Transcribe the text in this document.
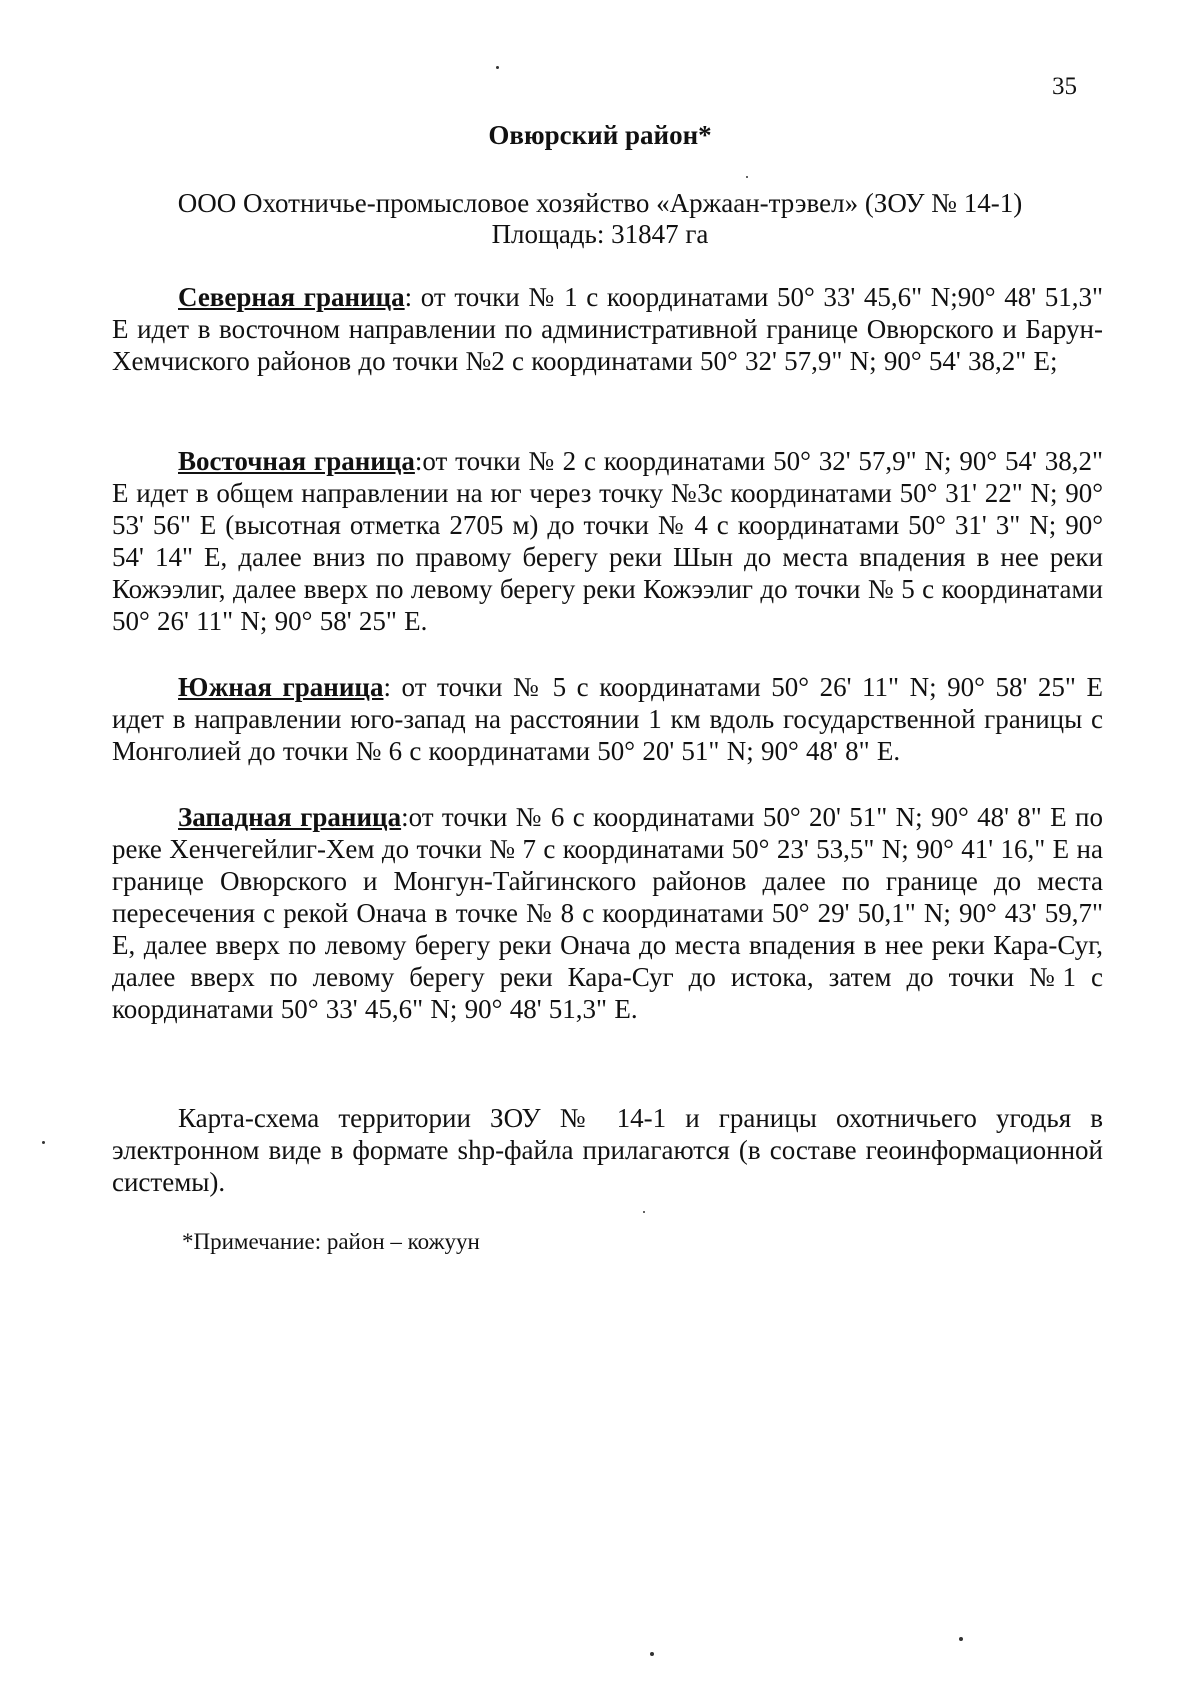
35
Овюрский район*
ООО Охотничье-промысловое хозяйство «Аржаан-трэвел» (ЗОУ № 14-1)
Площадь: 31847 га

Северная граница: от точки № 1 с координатами 50° 33' 45,6" N;90° 48' 51,3" Е идет в восточном направлении по административной границе Овюрского и Барун-Хемчиского районов до точки №2 с координатами 50° 32' 57,9" N; 90° 54' 38,2" Е;

Восточная граница:от точки № 2 с координатами 50° 32' 57,9" N; 90° 54' 38,2" Е идет в общем направлении на юг через точку №3с координатами 50° 31' 22" N; 90° 53' 56" Е (высотная отметка 2705 м) до точки № 4 с координатами 50° 31' 3" N; 90° 54' 14" Е, далее вниз по правому берегу реки Шын до места впадения в нее реки Кожээлиг, далее вверх по левому берегу реки Кожээлиг до точки № 5 с координатами 50° 26' 11" N; 90° 58' 25" Е.

Южная граница: от точки № 5 с координатами 50° 26' 11" N; 90° 58' 25" Е идет в направлении юго-запад на расстоянии 1 км вдоль государственной границы с Монголией до точки № 6 с координатами 50° 20' 51" N; 90° 48' 8" Е.

Западная граница:от точки № 6 с координатами 50° 20' 51" N; 90° 48' 8" Е по реке Хенчегейлиг-Хем до точки № 7 с координатами 50° 23' 53,5" N; 90° 41' 16," Е на границе Овюрского и Монгун-Тайгинского районов далее по границе до места пересечения с рекой Онача в точке № 8 с координатами 50° 29' 50,1" N; 90° 43' 59,7" Е, далее вверх по левому берегу реки Онача до места впадения в нее реки Кара-Суг, далее вверх по левому берегу реки Кара-Суг до истока, затем до точки №1 с координатами 50° 33' 45,6" N; 90° 48' 51,3" Е.

Карта-схема территории ЗОУ № 14-1 и границы охотничьего угодья в электронном виде в формате shp-файла прилагаются (в составе геоинформационной системы).

*Примечание: район – кожуун
